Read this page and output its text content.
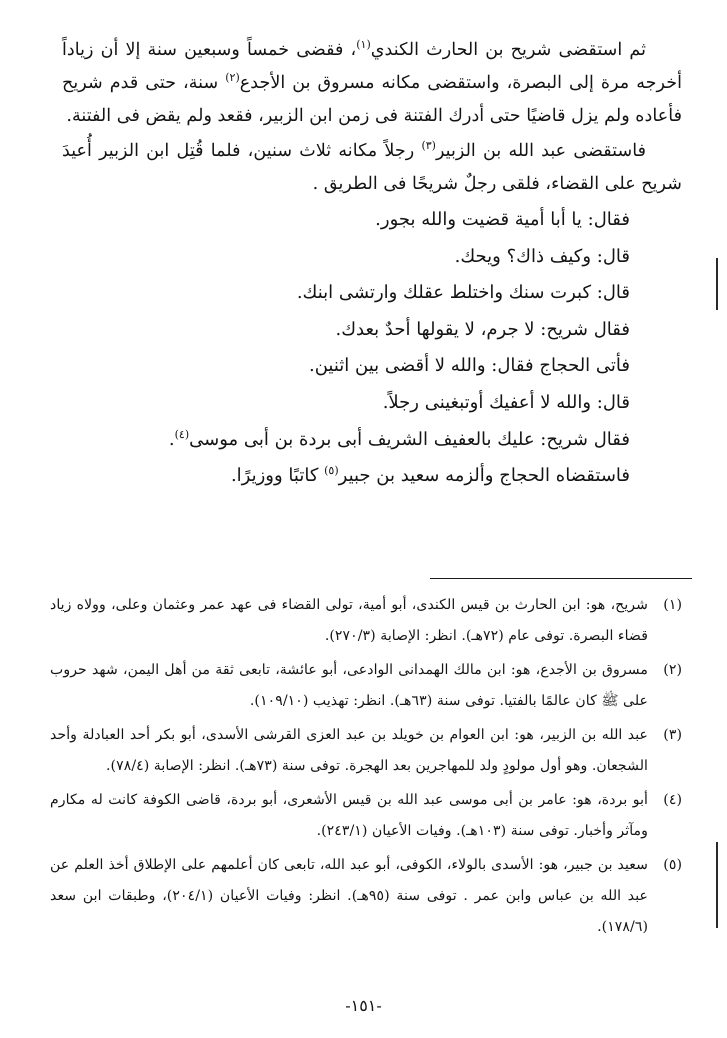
ثم استقضى شريح بن الحارث الكندي$^{(١)}$، فقضى خمساً وسبعين سنة إلا أن زياداً أخرجه مرة إلى البصرة، واستقضى مكانه مسروق بن الأجدع$^{(٢)}$ سنة، حتى قدم شريح فأعاده ولم يزل قاضيًا حتى أدرك الفتنة فى زمن ابن الزبير، فقعد ولم يقض فى الفتنة.

فاستقضى عبد الله بن الزبير$^{(٣)}$ رجلاً مكانه ثلاث سنين، فلما قُتِل ابن الزبير أُعيدَ شريح على القضاء، فلقى رجلٌ شريحًا فى الطريق .

فقال: يا أبا أمية قضيت والله بجور.

قال: وكيف ذاك؟ ويحك.

قال: كبرت سنك واختلط عقلك وارتشى ابنك.

فقال شريح: لا جرم، لا يقولها أحدٌ بعدك.

فأتى الحجاج فقال: والله لا أقضى بين اثنين.

قال: والله لا أعفيك أوتبغينى رجلاً.

فقال شريح: عليك بالعفيف الشريف أبى بردة بن أبى موسى$^{(٤)}$.

فاستقضاه الحجاج وألزمه سعيد بن جبير$^{(٥)}$ كاتبًا ووزيرًا.

(١)
شريح، هو: ابن الحارث بن قيس الكندى، أبو أمية، تولى القضاء فى عهد عمر وعثمان وعلى، وولاه زياد قضاء البصرة. توفى عام (٧٢هـ). انظر: الإصابة (٢٧٠/٣).
(٢)
مسروق بن الأجدع، هو: ابن مالك الهمدانى الوادعى، أبو عائشة، تابعى ثقة من أهل اليمن، شهد حروب على ﷺ كان عالمًا بالفتيا. توفى سنة (٦٣هـ). انظر: تهذيب (١٠٩/١٠).
(٣)
عبد الله بن الزبير، هو: ابن العوام بن خويلد بن عبد العزى القرشى الأسدى، أبو بكر أحد العبادلة وأحد الشجعان. وهو أول مولودٍ ولد للمهاجرين بعد الهجرة. توفى سنة (٧٣هـ). انظر: الإصابة (٧٨/٤).
(٤)
أبو بردة، هو: عامر بن أبى موسى عبد الله بن قيس الأشعرى، أبو بردة، قاضى الكوفة كانت له مكارم ومآثر وأخبار. توفى سنة (١٠٣هـ). وفيات الأعيان (٢٤٣/١).
(٥)
سعيد بن جبير، هو: الأسدى بالولاء، الكوفى، أبو عبد الله، تابعى كان أعلمهم على الإطلاق أخذ العلم عن عبد الله بن عباس وابن عمر . توفى سنة (٩٥هـ). انظر: وفيات الأعيان (٢٠٤/١)، وطبقات ابن سعد (١٧٨/٦).
-١٥١-
